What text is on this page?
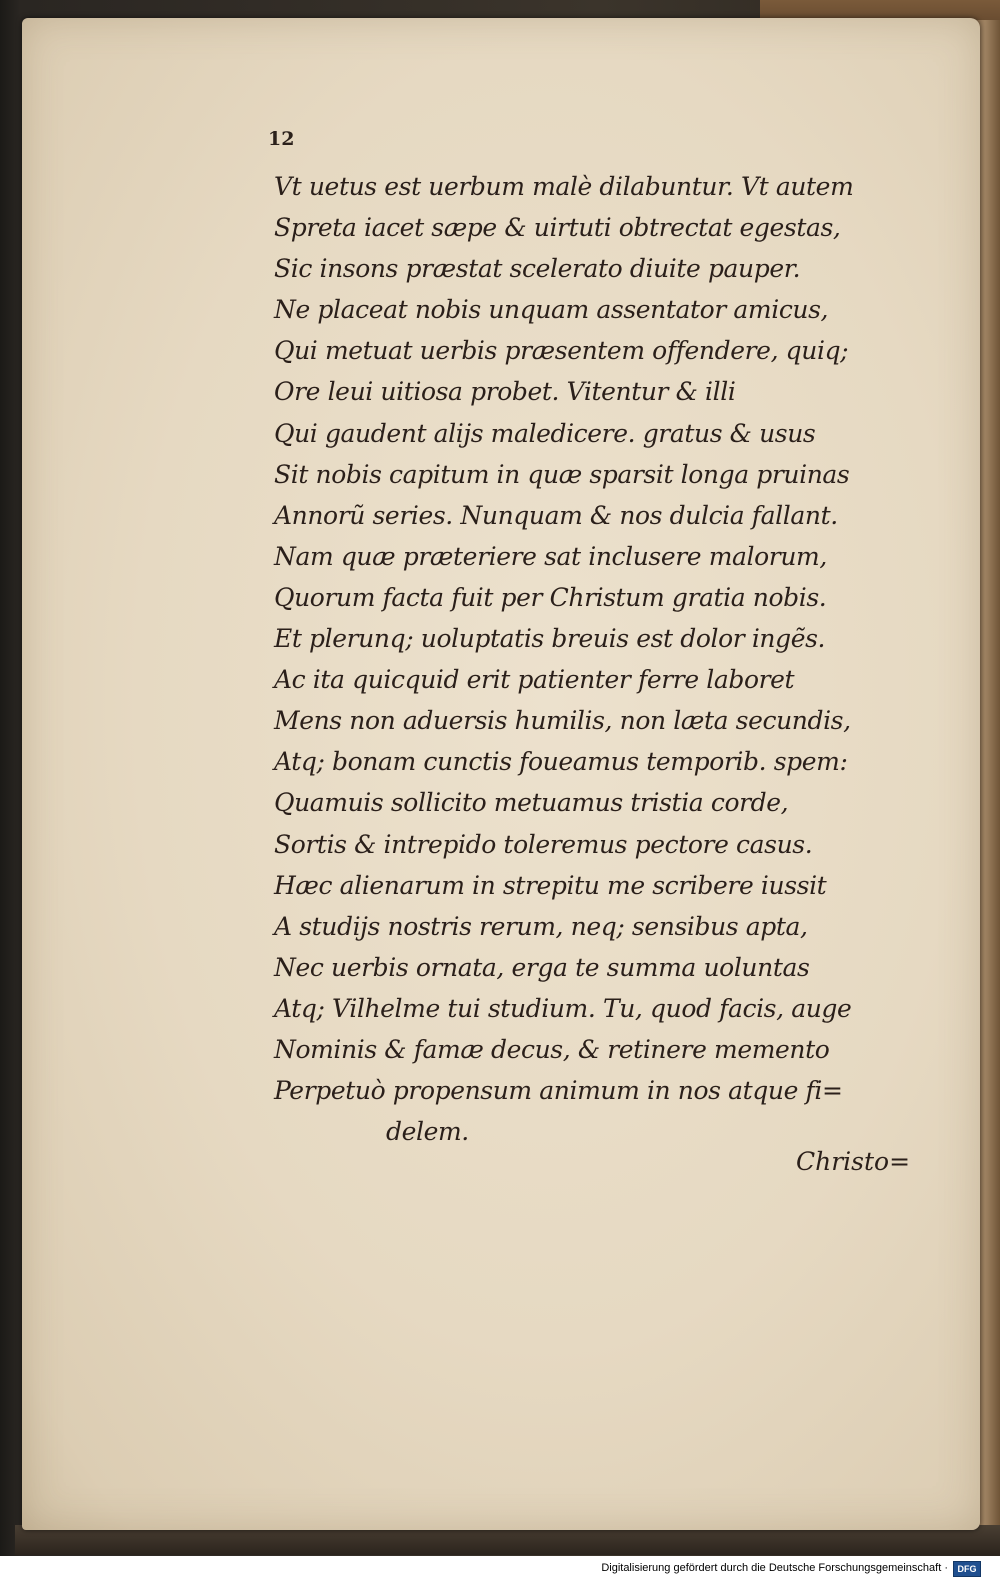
12

Vt uetus est uerbum malè dilabuntur. Vt autem
Spreta iacet sæpe & uirtuti obtrectat egestas,
Sic insons præstat scelerato diuite pauper.
Ne placeat nobis unquam assentator amicus,
Qui metuat uerbis præsentem offendere, quiq;
Ore leui uitiosa probet. Vitentur & illi
Qui gaudent alijs maledicere. gratus & usus
Sit nobis capitum in quæ sparsit longa pruinas
Annorũ series. Nunquam & nos dulcia fallant.
Nam quæ præteriere sat inclusere malorum,
Quorum facta fuit per Christum gratia nobis.
Et plerunq; uoluptatis breuis est dolor ingẽs.
Ac ita quicquid erit patienter ferre laboret
Mens non aduersis humilis, non læta secundis,
Atq; bonam cunctis foueamus temporib. spem:
Quamuis sollicito metuamus tristia corde,
Sortis & intrepido toleremus pectore casus.
Hæc alienarum in strepitu me scribere iussit
A studijs nostris rerum, neq; sensibus apta,
Nec uerbis ornata, erga te summa uoluntas
Atq; Vilhelme tui studium. Tu, quod facis, auge
Nominis & famæ decus, & retinere memento
Perpetuò propensum animum in nos atque fi=
delem.

Christo=

Digitalisierung gefördert durch die Deutsche Forschungsgemeinschaft ·	DFG
